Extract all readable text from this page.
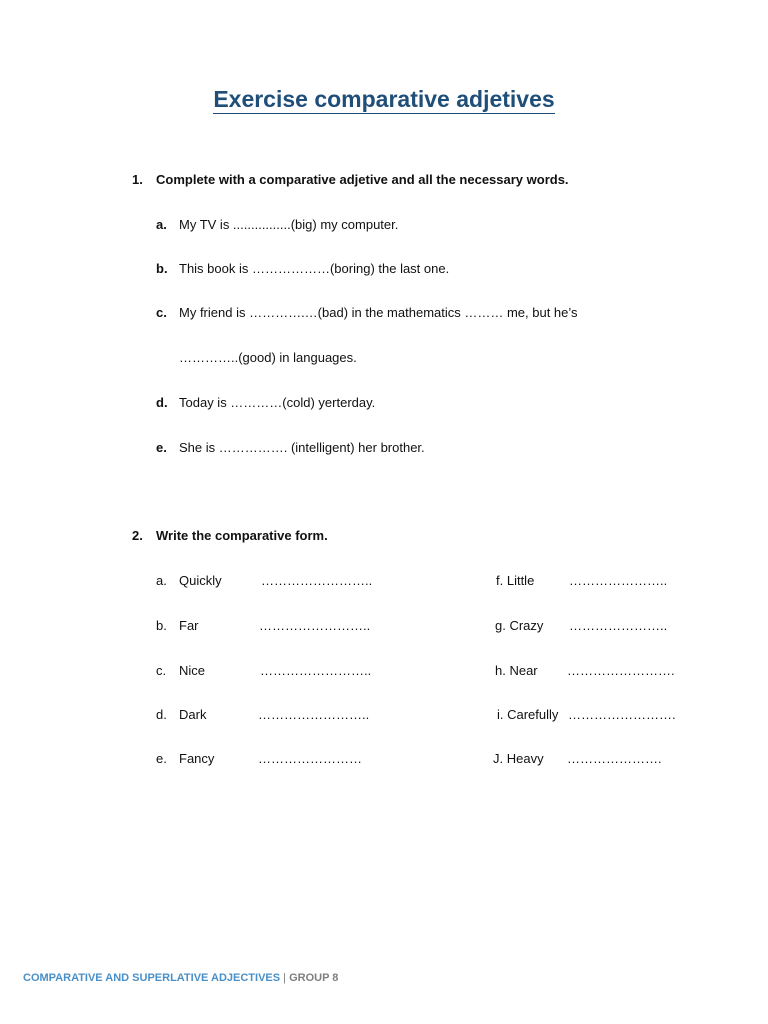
Exercise comparative adjetives
1. Complete with a comparative adjetive and all the necessary words.
a. My TV is ................(big) my computer.
b. This book is ………………(boring) the last one.
c. My friend is ………….…(bad) in the mathematics ……… me, but he’s
…………..(good) in languages.
d. Today is …………(cold) yerterday.
e. She is ……………. (intelligent) her brother.
2. Write the comparative form.
a. Quickly	……………………..	f. Little	…………………..
b. Far	……………………..	g. Crazy …………………..
c. Nice	……………………..	h. Near …………………….
d. Dark	……………………..	i. Carefully …………………….
e. Fancy	……………………	J. Heavy ………………….
COMPARATIVE AND SUPERLATIVE ADJECTIVES | GROUP 8
